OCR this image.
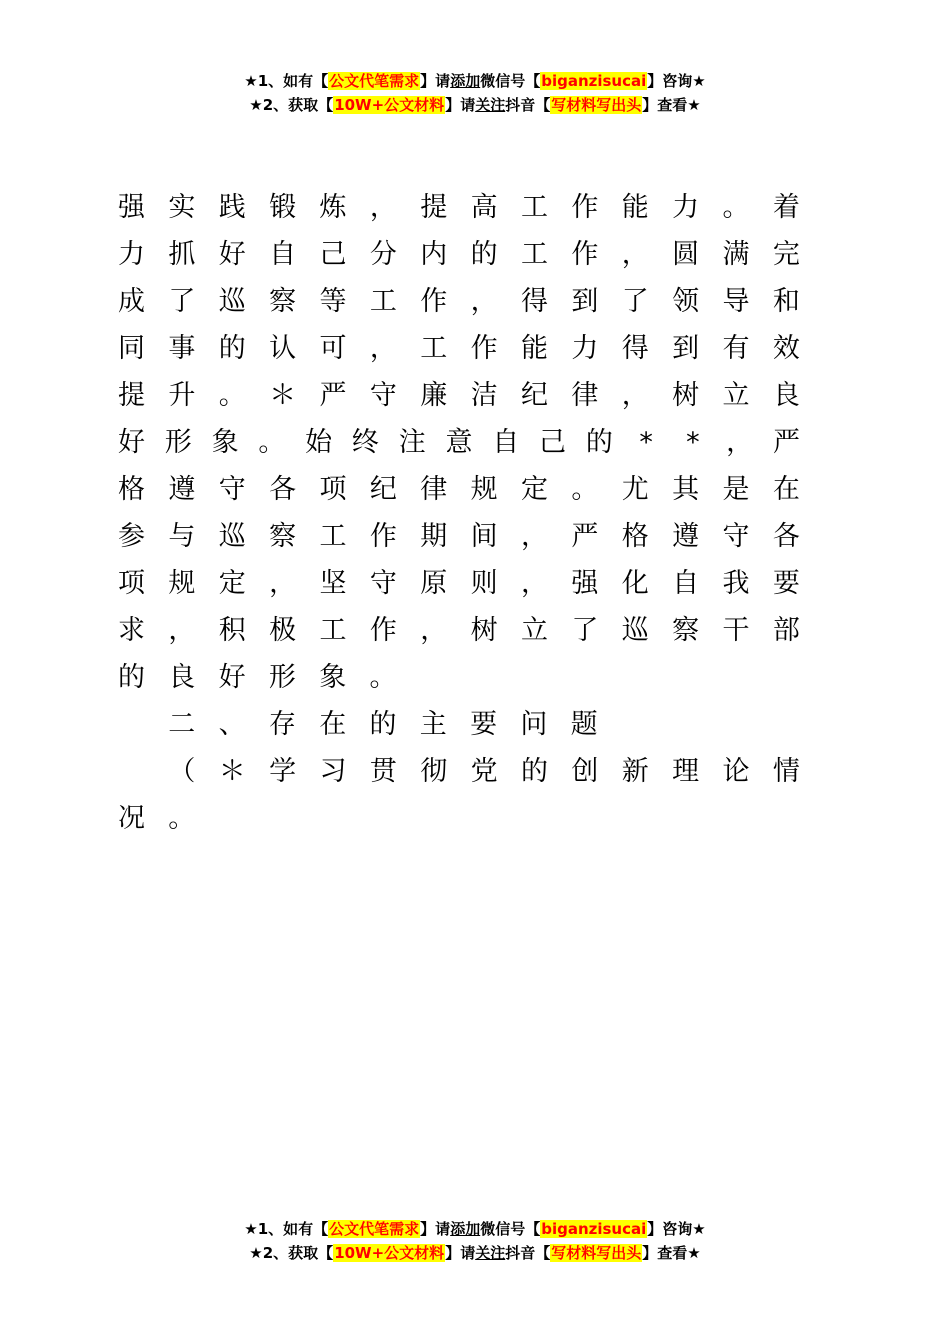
★1、如有【公文代笔需求】请添加微信号【biganzisucai】咨询★
★2、获取【10W+公文材料】请关注抖音【写材料写出头】查看★
强 实 践 锻 炼 ， 提 高 工 作 能 力 。 着
力 抓 好 自 己 分 内 的 工 作 ， 圆 满 完
成 了 巡 察 等 工 作 ， 得 到 了 领 导 和
同 事 的 认 可 ， 工 作 能 力 得 到 有 效
提 升 。 ＊ 严 守 廉 洁 纪 律 ， 树 立 良
好 形 象 。 始 终 注 意 自 己 的 * * ， 严
格 遵 守 各 项 纪 律 规 定 。 尤 其 是 在
参 与 巡 察 工 作 期 间 ， 严 格 遵 守 各
项 规 定 ， 坚 守 原 则 ， 强 化 自 我 要
求 ， 积 极 工 作 ， 树 立 了 巡 察 干 部
的 良 好 形 象 。

二 、 存 在 的 主 要 问 题

（ ＊ 学 习 贯 彻 党 的 创 新 理 论 情
况 。
★1、如有【公文代笔需求】请添加微信号【biganzisucai】咨询★
★2、获取【10W+公文材料】请关注抖音【写材料写出头】查看★
